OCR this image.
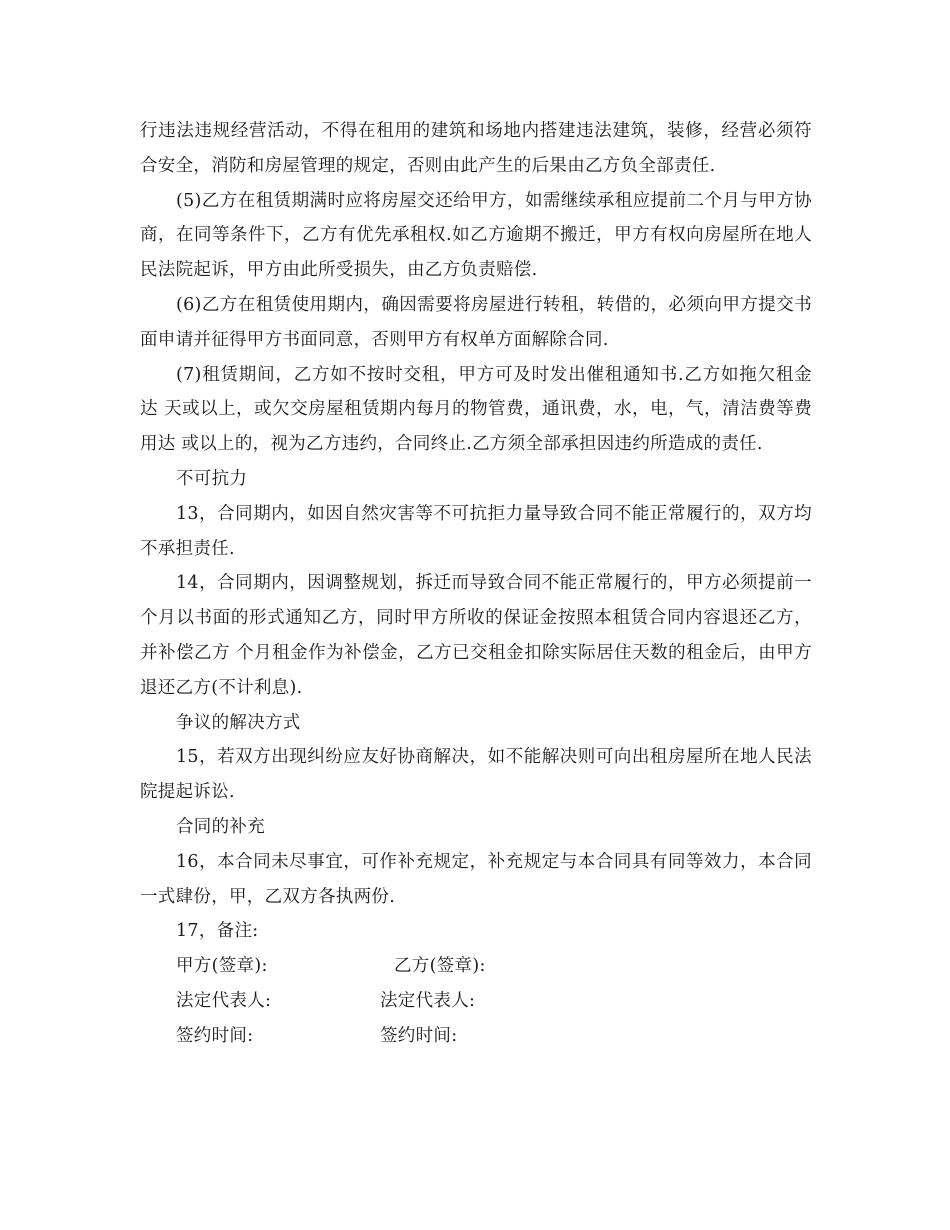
行违法违规经营活动，不得在租用的建筑和场地内搭建违法建筑，装修，经营必须符合安全，消防和房屋管理的规定，否则由此产生的后果由乙方负全部责任.

(5)乙方在租赁期满时应将房屋交还给甲方，如需继续承租应提前二个月与甲方协商，在同等条件下，乙方有优先承租权.如乙方逾期不搬迁，甲方有权向房屋所在地人民法院起诉，甲方由此所受损失，由乙方负责赔偿.

(6)乙方在租赁使用期内，确因需要将房屋进行转租，转借的，必须向甲方提交书面申请并征得甲方书面同意，否则甲方有权单方面解除合同.

(7)租赁期间，乙方如不按时交租，甲方可及时发出催租通知书.乙方如拖欠租金达 天或以上，或欠交房屋租赁期内每月的物管费，通讯费，水，电，气，清洁费等费用达 或以上的，视为乙方违约，合同终止.乙方须全部承担因违约所造成的责任.

不可抗力

13，合同期内，如因自然灾害等不可抗拒力量导致合同不能正常履行的，双方均不承担责任.

14，合同期内，因调整规划，拆迁而导致合同不能正常履行的，甲方必须提前一个月以书面的形式通知乙方，同时甲方所收的保证金按照本租赁合同内容退还乙方，并补偿乙方 个月租金作为补偿金，乙方已交租金扣除实际居住天数的租金后，由甲方退还乙方(不计利息).

争议的解决方式

15，若双方出现纠纷应友好协商解决，如不能解决则可向出租房屋所在地人民法院提起诉讼.

合同的补充

16，本合同未尽事宜，可作补充规定，补充规定与本合同具有同等效力，本合同一式肆份，甲，乙双方各执两份.

17，备注:

甲方(签章):	乙方(签章):
法定代表人:	法定代表人:
签约时间:	签约时间:
